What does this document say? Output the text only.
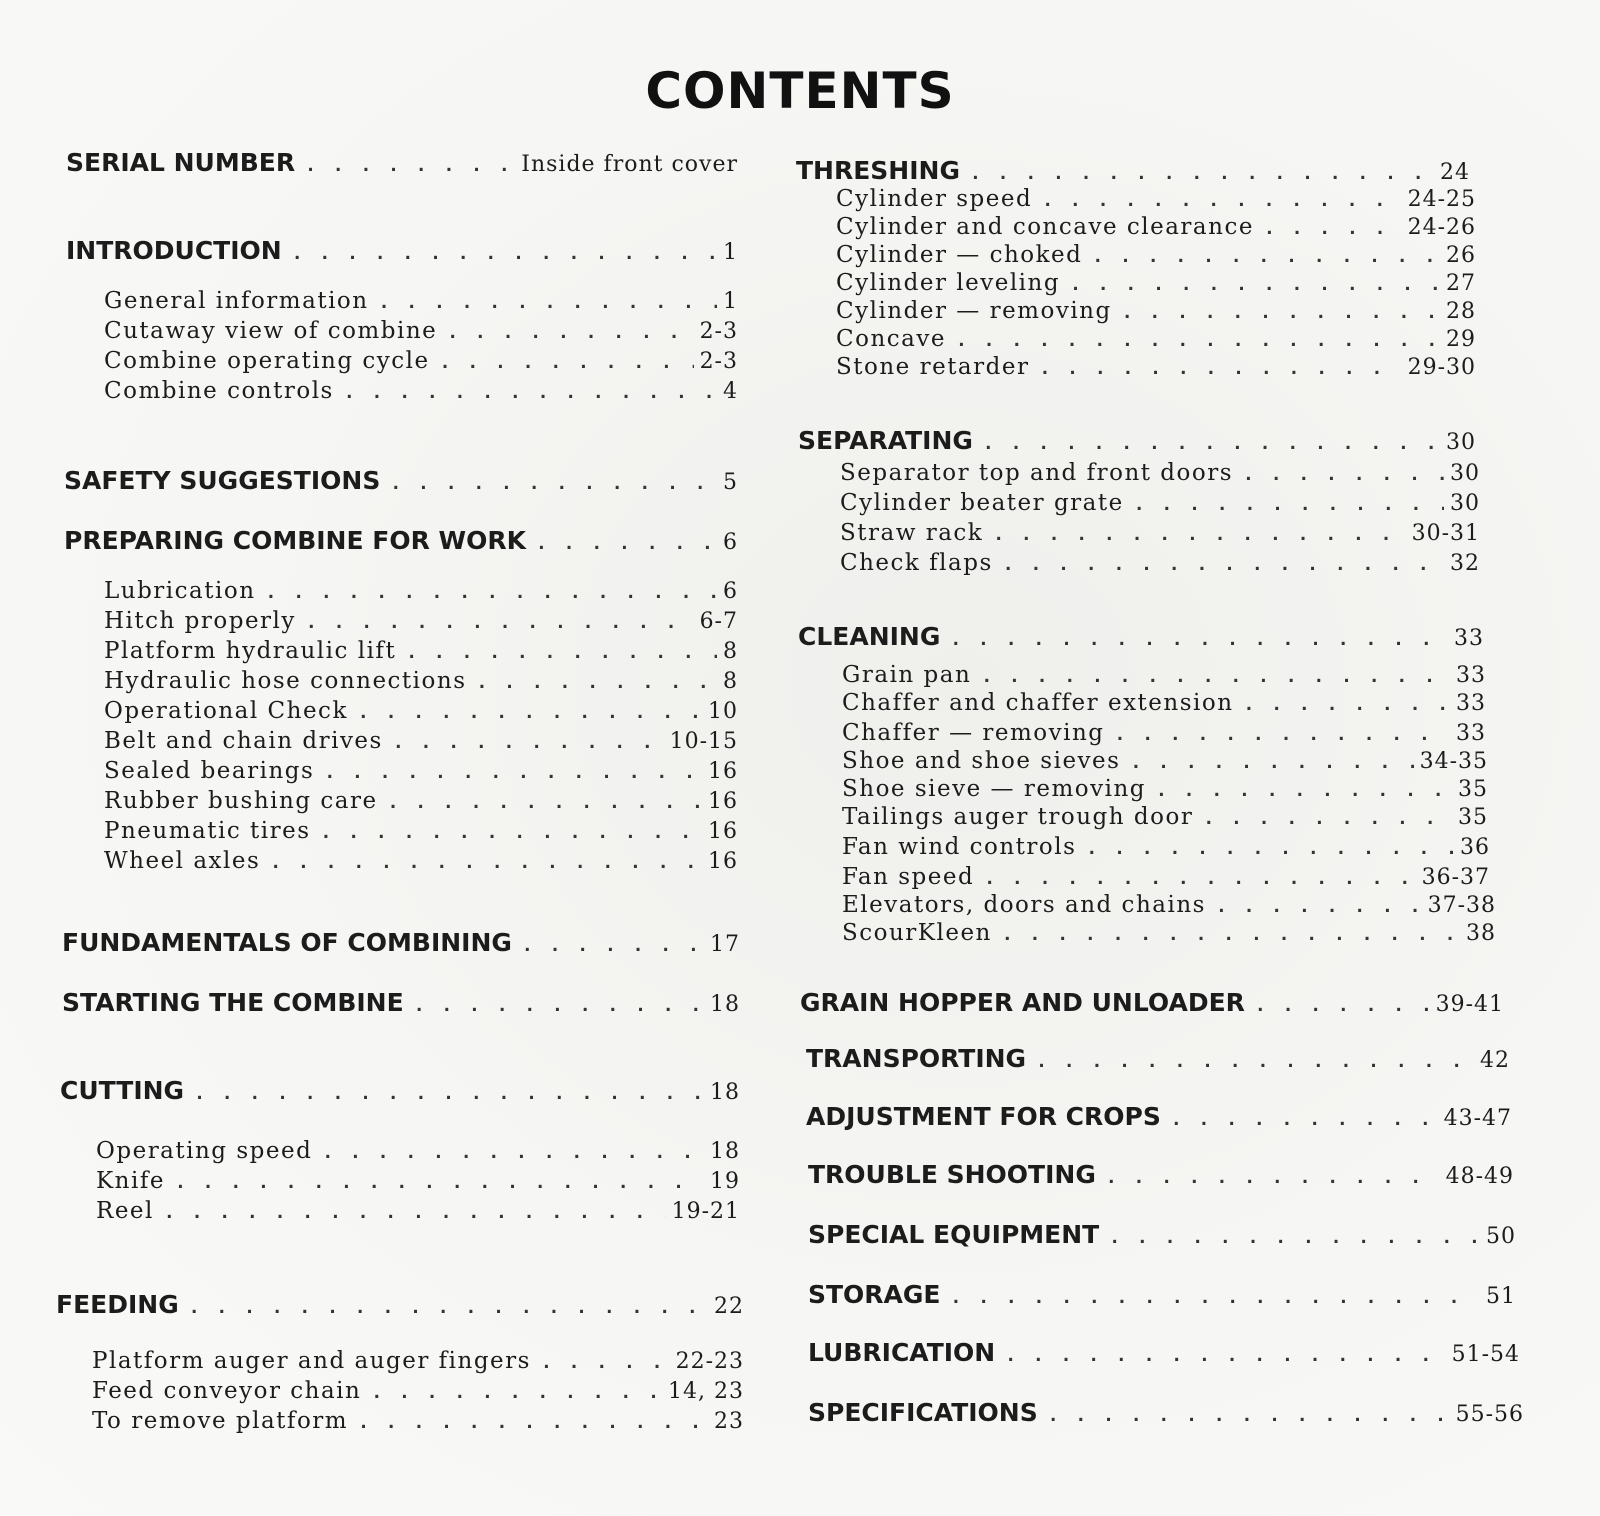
CONTENTS
SERIAL NUMBER . . .	Inside front cover
INTRODUCTION . . .	1
General information . . .	1
Cutaway view of combine . . .	2-3
Combine operating cycle . . .	2-3
Combine controls . . .	4
SAFETY SUGGESTIONS . . .	5
PREPARING COMBINE FOR WORK . . .	6
Lubrication . . .	6
Hitch properly . . .	6-7
Platform hydraulic lift . . .	8
Hydraulic hose connections . . .	8
Operational Check . . .	10
Belt and chain drives . . .	10-15
Sealed bearings . . .	16
Rubber bushing care . . .	16
Pneumatic tires . . .	16
Wheel axles . . .	16
FUNDAMENTALS OF COMBINING . . .	17
STARTING THE COMBINE . . .	18
CUTTING . . .	18
Operating speed . . .	18
Knife . . .	19
Reel . . .	19-21
FEEDING . . .	22
Platform auger and auger fingers . . .	22-23
Feed conveyor chain . . .	14, 23
To remove platform . . .	23
THRESHING . . .	24
Cylinder speed . . .	24-25
Cylinder and concave clearance . . .	24-26
Cylinder — choked . . .	26
Cylinder leveling . . .	27
Cylinder — removing . . .	28
Concave . . .	29
Stone retarder . . .	29-30
SEPARATING . . .	30
Separator top and front doors . . .	30
Cylinder beater grate . . .	30
Straw rack . . .	30-31
Check flaps . . .	32
CLEANING . . .	33
Grain pan . . .	33
Chaffer and chaffer extension . . .	33
Chaffer — removing . . .	33
Shoe and shoe sieves . . .	34-35
Shoe sieve — removing . . .	35
Tailings auger trough door . . .	35
Fan wind controls . . .	36
Fan speed . . .	36-37
Elevators, doors and chains . . .	37-38
ScourKleen . . .	38
GRAIN HOPPER AND UNLOADER . . .	39-41
TRANSPORTING . . .	42
ADJUSTMENT FOR CROPS . . .	43-47
TROUBLE SHOOTING . . .	48-49
SPECIAL EQUIPMENT . . .	50
STORAGE . . .	51
LUBRICATION . . .	51-54
SPECIFICATIONS . . .	55-56
